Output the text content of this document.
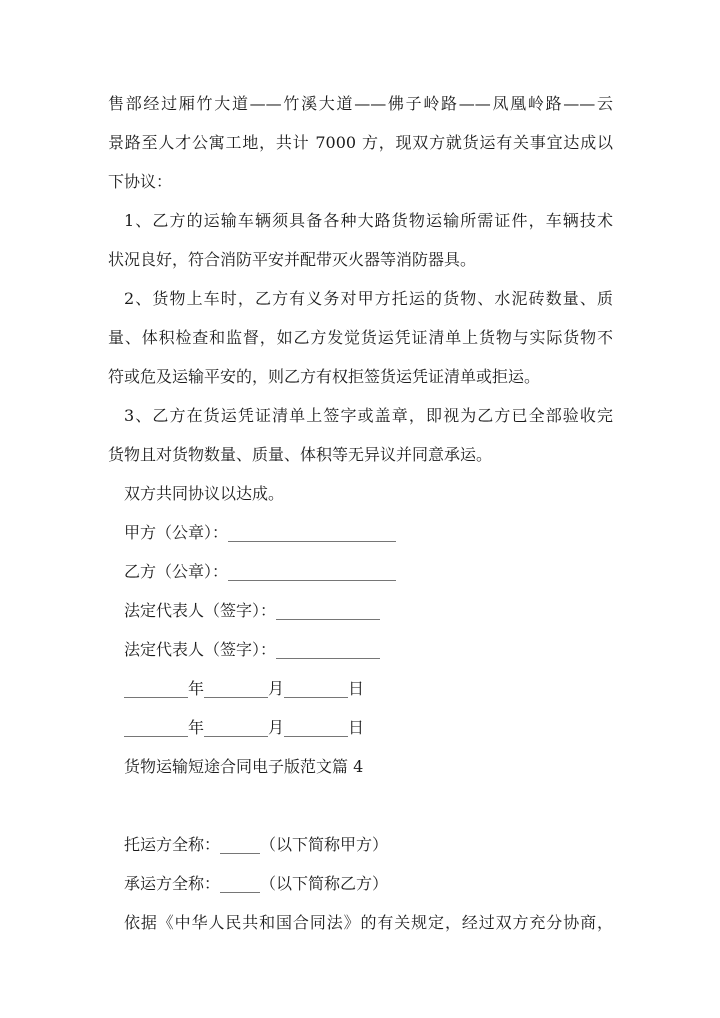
售部经过厢竹大道——竹溪大道——佛子岭路——凤凰岭路——云
景路至人才公寓工地，共计 7000 方，现双方就货运有关事宜达成以
下协议：
1、乙方的运输车辆须具备各种大路货物运输所需证件，车辆技术
状况良好，符合消防平安并配带灭火器等消防器具。
2、货物上车时，乙方有义务对甲方托运的货物、水泥砖数量、质
量、体积检查和监督，如乙方发觉货运凭证清单上货物与实际货物不
符或危及运输平安的，则乙方有权拒签货运凭证清单或拒运。
3、乙方在货运凭证清单上签字或盖章，即视为乙方已全部验收完
货物且对货物数量、质量、体积等无异议并同意承运。
双方共同协议以达成。
甲方（公章）：_____________________
乙方（公章）：_____________________
法定代表人（签字）：_____________
法定代表人（签字）：_____________
________年________月________日
________年________月________日
货物运输短途合同电子版范文篇 4
托运方全称：_____（以下简称甲方）
承运方全称：_____（以下简称乙方）
依据《中华人民共和国合同法》的有关规定，经过双方充分协商，
